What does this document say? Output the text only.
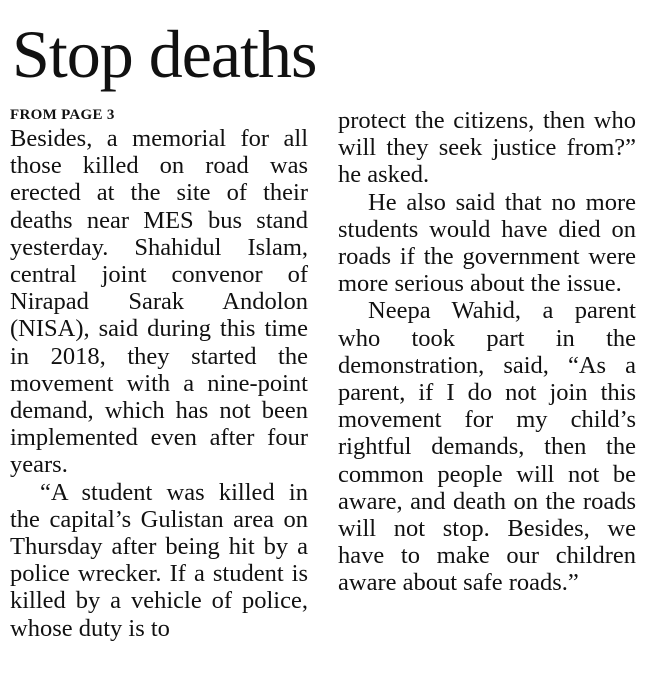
Stop deaths
FROM PAGE 3

Besides, a memorial for all those killed on road was erected at the site of their deaths near MES bus stand yesterday. Shahidul Islam, central joint convenor of Nirapad Sarak Andolon (NISA), said during this time in 2018, they started the movement with a nine-point demand, which has not been implemented even after four years.

“A student was killed in the capital’s Gulistan area on Thursday after being hit by a police wrecker. If a student is killed by a vehicle of police, whose duty is to

protect the citizens, then who will they seek justice from?” he asked.

He also said that no more students would have died on roads if the government were more serious about the issue.

Neepa Wahid, a parent who took part in the demonstration, said, “As a parent, if I do not join this movement for my child’s rightful demands, then the common people will not be aware, and death on the roads will not stop. Besides, we have to make our children aware about safe roads.”
